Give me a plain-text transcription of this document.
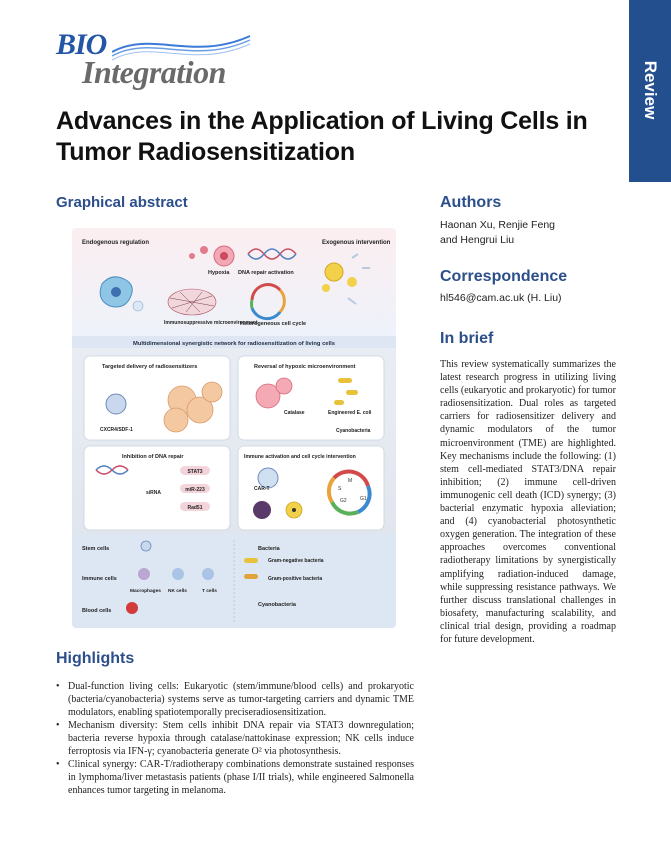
BIO
Integration	Review
Advances in the Application of Living Cells in Tumor Radiosensitization
Graphical abstract
Endogenous regulation	Exogenous intervention
Hypoxia DNA repair activation
Immunosuppressive microenvironment
Heterogeneous cell cycle
Multidimensional synergistic network for radiosensitization of living cells
Targeted delivery of radiosensitizers
CXCR4/SDF-1
Reversal of hypoxic microenvironment
Catalase	Engineered E. coli
Cyanobacteria
Inhibition of DNA repair
siRNA
STAT3
miR-223
Rad51
Immune activation and cell cycle intervention
CAR-T
M
S
G2	G1
Stem cells
Immune cells
Macrophages NK cells	T cells
Blood cells
Bacteria
Gram-negative bacteria
Gram-positive bacteria
Cyanobacteria
Authors
Haonan Xu, Renjie Feng
and Hengrui Liu
Correspondence
hl546@cam.ac.uk (H. Liu)
In brief

This review systematically summarizes the latest research progress in utilizing living cells (eukaryotic and prokaryotic) for tumor radiosensitization. Dual roles as targeted carriers for radiosensitizer delivery and dynamic modulators of the tumor microenvironment (TME) are highlighted. Key mechanisms include the following: (1) stem cell-mediated STAT3/DNA repair inhibition; (2) immune cell-driven immunogenic cell death (ICD) synergy; (3) bacterial enzymatic hypoxia alleviation; and (4) cyanobacterial photosynthetic oxygen generation. The integration of these approaches overcomes conventional radiotherapy limitations by synergistically amplifying radiation-induced damage, while suppressing resistance pathways. We further discuss translational challenges in biosafety, manufacturing scalability, and clinical trial design, providing a roadmap for future development.

Highlights
• Dual-function living cells: Eukaryotic (stem/immune/blood cells) and prokaryotic (bacteria/cyanobacteria) systems serve as tumor-targeting carriers and dynamic TME modulators, enabling spatiotemporally preciseradiosensitization.
• Mechanism diversity: Stem cells inhibit DNA repair via STAT3 downregulation; bacteria reverse hypoxia through catalase/nattokinase expression; NK cells induce ferroptosis via IFN-γ; cyanobacteria generate O² via photosynthesis.
• Clinical synergy: CAR-T/radiotherapy combinations demonstrate sustained responses in lymphoma/liver metastasis patients (phase I/II trials), while engineered Salmonella enhances tumor targeting in melanoma.
